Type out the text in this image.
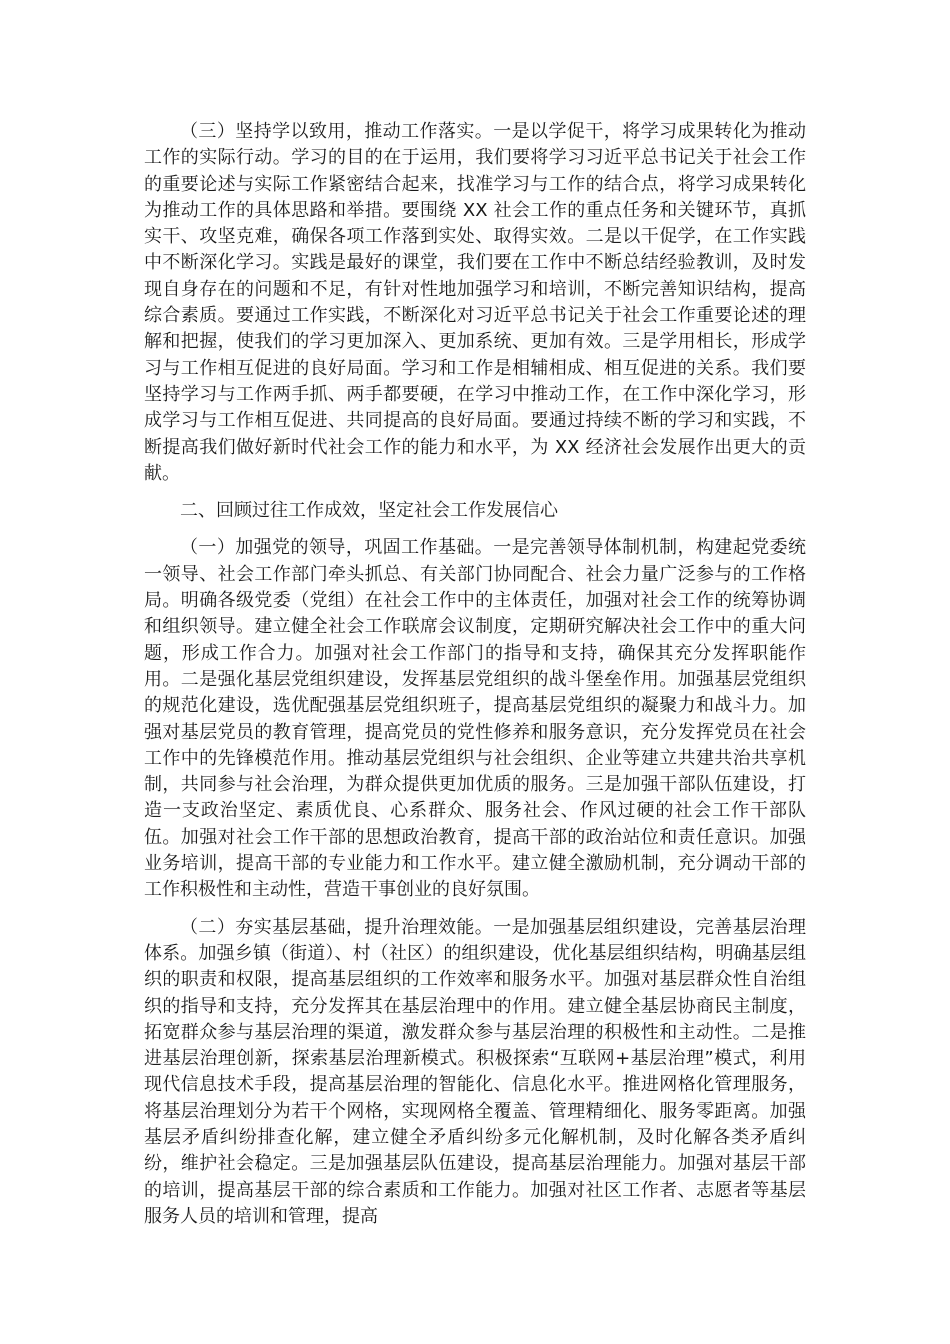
（三）坚持学以致用，推动工作落实。一是以学促干，将学习成果转化为推动工作的实际行动。学习的目的在于运用，我们要将学习习近平总书记关于社会工作的重要论述与实际工作紧密结合起来，找准学习与工作的结合点，将学习成果转化为推动工作的具体思路和举措。要围绕 XX 社会工作的重点任务和关键环节，真抓实干、攻坚克难，确保各项工作落到实处、取得实效。二是以干促学，在工作实践中不断深化学习。实践是最好的课堂，我们要在工作中不断总结经验教训，及时发现自身存在的问题和不足，有针对性地加强学习和培训，不断完善知识结构，提高综合素质。要通过工作实践，不断深化对习近平总书记关于社会工作重要论述的理解和把握，使我们的学习更加深入、更加系统、更加有效。三是学用相长，形成学习与工作相互促进的良好局面。学习和工作是相辅相成、相互促进的关系。我们要坚持学习与工作两手抓、两手都要硬，在学习中推动工作，在工作中深化学习，形成学习与工作相互促进、共同提高的良好局面。要通过持续不断的学习和实践，不断提高我们做好新时代社会工作的能力和水平，为 XX 经济社会发展作出更大的贡献。

二、回顾过往工作成效，坚定社会工作发展信心

（一）加强党的领导，巩固工作基础。一是完善领导体制机制，构建起党委统一领导、社会工作部门牵头抓总、有关部门协同配合、社会力量广泛参与的工作格局。明确各级党委（党组）在社会工作中的主体责任，加强对社会工作的统筹协调和组织领导。建立健全社会工作联席会议制度，定期研究解决社会工作中的重大问题，形成工作合力。加强对社会工作部门的指导和支持，确保其充分发挥职能作用。二是强化基层党组织建设，发挥基层党组织的战斗堡垒作用。加强基层党组织的规范化建设，选优配强基层党组织班子，提高基层党组织的凝聚力和战斗力。加强对基层党员的教育管理，提高党员的党性修养和服务意识，充分发挥党员在社会工作中的先锋模范作用。推动基层党组织与社会组织、企业等建立共建共治共享机制，共同参与社会治理，为群众提供更加优质的服务。三是加强干部队伍建设，打造一支政治坚定、素质优良、心系群众、服务社会、作风过硬的社会工作干部队伍。加强对社会工作干部的思想政治教育，提高干部的政治站位和责任意识。加强业务培训，提高干部的专业能力和工作水平。建立健全激励机制，充分调动干部的工作积极性和主动性，营造干事创业的良好氛围。

（二）夯实基层基础，提升治理效能。一是加强基层组织建设，完善基层治理体系。加强乡镇（街道）、村（社区）的组织建设，优化基层组织结构，明确基层组织的职责和权限，提高基层组织的工作效率和服务水平。加强对基层群众性自治组织的指导和支持，充分发挥其在基层治理中的作用。建立健全基层协商民主制度，拓宽群众参与基层治理的渠道，激发群众参与基层治理的积极性和主动性。二是推进基层治理创新，探索基层治理新模式。积极探索“互联网+基层治理”模式，利用现代信息技术手段，提高基层治理的智能化、信息化水平。推进网格化管理服务，将基层治理划分为若干个网格，实现网格全覆盖、管理精细化、服务零距离。加强基层矛盾纠纷排查化解，建立健全矛盾纠纷多元化解机制，及时化解各类矛盾纠纷，维护社会稳定。三是加强基层队伍建设，提高基层治理能力。加强对基层干部的培训，提高基层干部的综合素质和工作能力。加强对社区工作者、志愿者等基层服务人员的培训和管理，提高
